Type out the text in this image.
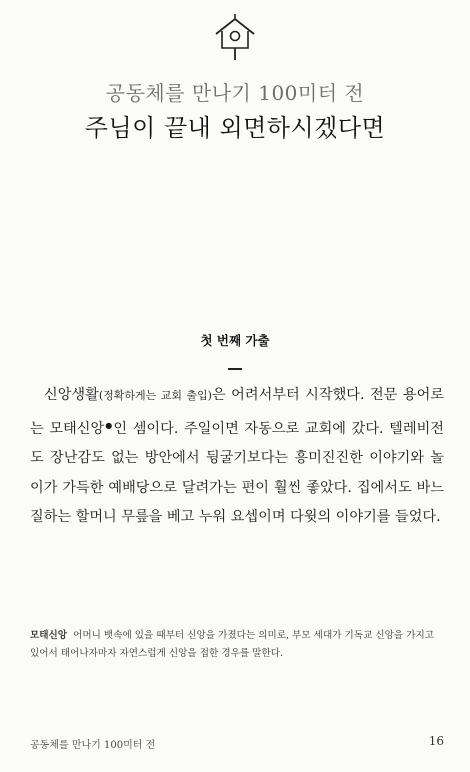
공동체를 만나기 100미터 전
주님이 끝내 외면하시겠다면
첫 번째 가출

신앙생활(정확하게는 교회 출입)은 어려서부터 시작했다. 전문 용어로는 모태신앙●인 셈이다. 주일이면 자동으로 교회에 갔다. 텔레비전도 장난감도 없는 방안에서 뒹굴기보다는 흥미진진한 이야기와 놀이가 가득한 예배당으로 달려가는 편이 훨씬 좋았다. 집에서도 바느질하는 할머니 무릎을 베고 누워 요셉이며 다윗의 이야기를 들었다.

모태신앙 어머니 뱃속에 있을 때부터 신앙을 가졌다는 의미로, 부모 세대가 기독교 신앙을 가지고 있어서 태어나자마자 자연스럽게 신앙을 접한 경우를 말한다.

공동체를 만나기 100미터 전	16
